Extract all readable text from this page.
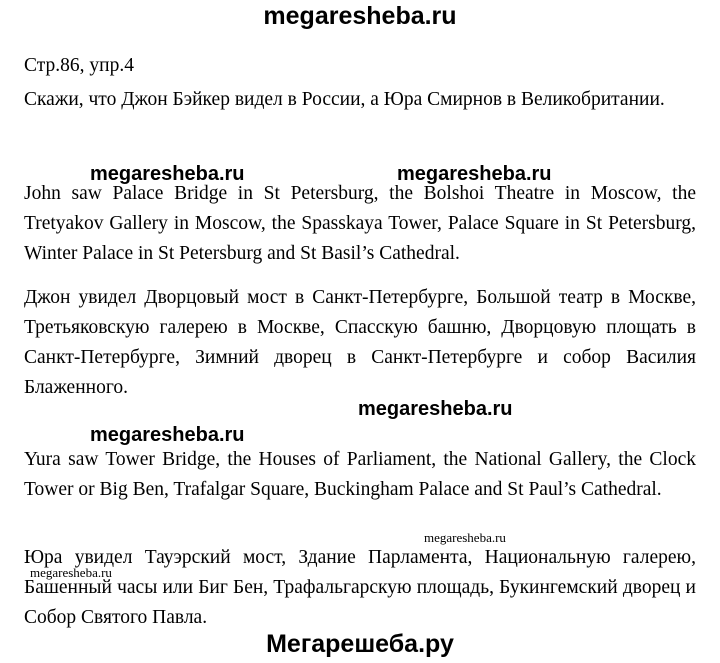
megaresheba.ru
Стр.86, упр.4
Скажи, что Джон Бэйкер видел в России, а Юра Смирнов в Великобритании.
megaresheba.ru	megaresheba.ru
John saw Palace Bridge in St Petersburg, the Bolshoi Theatre in Moscow, the Tretyakov Gallery in Moscow, the Spasskaya Tower, Palace Square in St Petersburg, Winter Palace in St Petersburg and St Basil’s Cathedral.
Джон увидел Дворцовый мост в Санкт-Петербурге, Большой театр в Москве, Третьяковскую галерею в Москве, Спасскую башню, Дворцовую площать в Санкт-Петербурге, Зимний дворец в Санкт-Петербурге и собор Василия Блаженного.
megaresheba.ru
megaresheba.ru
Yura saw Tower Bridge, the Houses of Parliament, the National Gallery, the Clock Tower or Big Ben, Trafalgar Square, Buckingham Palace and St Paul’s Cathedral.
megaresheba.ru
Юра увидел Тауэрский мост, Здание Парламента, Национальную галерею, Башенный часы или Биг Бен, Трафальгарскую площадь, Букингемский дворец и Собор Святого Павла.
megaresheba.ru
Мегарешеба.ру
